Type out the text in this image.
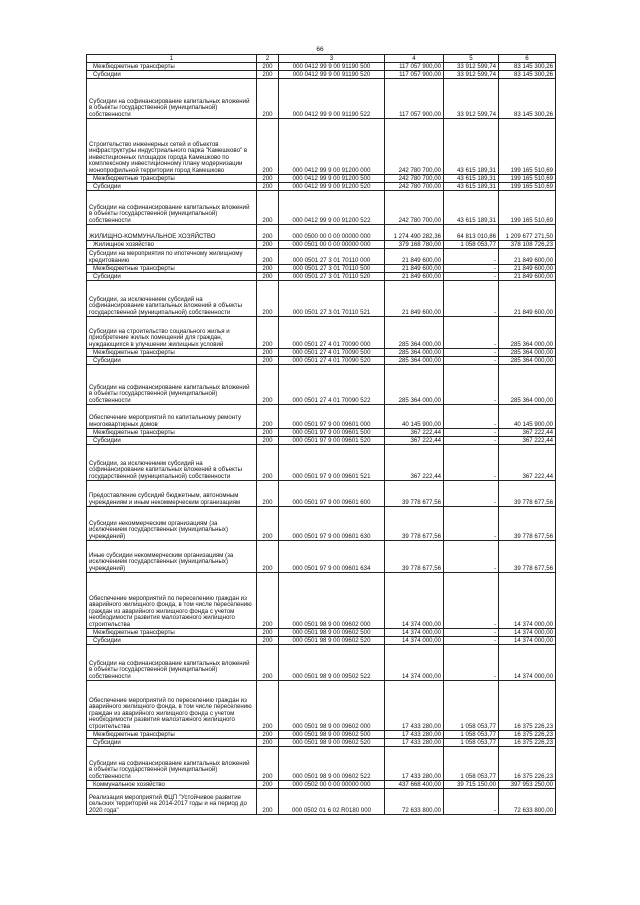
66
1	2	3	4	5	6
Межбюджетные трансферты	200	000 0412 99 9 00 91190 500	117 057 900,00	33 912 599,74	83 145 300,26
Субсидии	200	000 0412 99 9 00 91190 520	117 057 900,00	33 912 599,74	83 145 300,26
Субсидии на софинансирование капитальных вложений в объекты государственной (муниципальной) собственности	200	000 0412 99 9 00 91190 522	117 057 900,00	33 912 599,74	83 145 300,26
Строительство инженерных сетей и объектов инфраструктуры индустриального парка "Камешково" в инвестиционных площадок города Камешково по комплексному инвестиционному плану модернизации монопрофильной территории город Камешково	200	000 0412 99 9 00 91200 000	242 780 700,00	43 615 189,31	199 165 510,69
Межбюджетные трансферты	200	000 0412 99 9 00 91200 500	242 780 700,00	43 615 189,31	199 165 510,69
Субсидии	200	000 0412 99 9 00 91200 520	242 780 700,00	43 615 189,31	199 165 510,69
Субсидии на софинансирование капитальных вложений в объекты государственной (муниципальной) собственности	200	000 0412 99 9 00 91200 522	242 780 700,00	43 615 189,31	199 165 510,69
ЖИЛИЩНО-КОММУНАЛЬНОЕ ХОЗЯЙСТВО	200	000 0500 00 0 00 00000 000	1 274 490 282,36	64 813 010,86	1 209 677 271,50
Жилищное хозяйство	200	000 0501 00 0 00 00000 000	379 168 780,00	1 058 053,77	378 108 726,23
Субсидии на мероприятия по ипотечному жилищному кредитованию	200	000 0501 27 3 01 70110 000	21 849 600,00	-	21 849 600,00
Межбюджетные трансферты	200	000 0501 27 3 01 70110 500	21 849 600,00	-	21 849 600,00
Субсидии	200	000 0501 27 3 01 70110 520	21 849 600,00	-	21 849 600,00
Субсидии, за исключением субсидий на софинансирование капитальных вложений в объекты государственной (муниципальной) собственности	200	000 0501 27 3 01 70110 521	21 849 600,00	-	21 849 600,00
Субсидии на строительство социального жилья и приобретение жилых помещений для граждан, нуждающихся в улучшении жилищных условий	200	000 0501 27 4 01 70090 000	285 364 000,00	-	285 364 000,00
Межбюджетные трансферты	200	000 0501 27 4 01 70090 500	285 364 000,00	-	285 364 000,00
Субсидии	200	000 0501 27 4 01 70090 520	285 364 000,00	-	285 364 000,00
Субсидии на софинансирование капитальных вложений в объекты государственной (муниципальной) собственности	200	000 0501 27 4 01 70090 522	285 364 000,00	-	285 364 000,00
Обеспечение мероприятий по капитальному ремонту многоквартирных домов	200	000 0501 97 9 00 09601 000	40 145 900,00	-	40 145 900,00
Межбюджетные трансферты	200	000 0501 97 9 00 09601 500	367 222,44	-	367 222,44
Субсидии	200	000 0501 97 9 00 09601 520	367 222,44	-	367 222,44
Субсидии, за исключением субсидий на софинансирование капитальных вложений в объекты государственной (муниципальной) собственности	200	000 0501 97 9 00 09601 521	367 222,44	-	367 222,44
Предоставление субсидий бюджетным, автономным учреждениям и иным некоммерческим организациям	200	000 0501 97 9 00 09601 600	39 778 677,56	-	39 778 677,56
Субсидии некоммерческим организациям (за исключением государственных (муниципальных) учреждений)	200	000 0501 97 9 00 09601 630	39 778 677,56	-	39 778 677,56
Иные субсидии некоммерческим организациям (за исключением государственных (муниципальных) учреждений)	200	000 0501 97 9 00 09601 634	39 778 677,56	-	39 778 677,56
Обеспечение мероприятий по переселению граждан из аварийного жилищного фонда, в том числе переселению граждан из аварийного жилищного фонда с учетом необходимости развития малоэтажного жилищного строительства	200	000 0501 98 9 00 09602 000	14 374 000,00	-	14 374 000,00
Межбюджетные трансферты	200	000 0501 98 9 00 09602 500	14 374 000,00	-	14 374 000,00
Субсидии	200	000 0501 98 9 00 09602 520	14 374 000,00	-	14 374 000,00
Субсидии на софинансирование капитальных вложений в объекты государственной (муниципальной) собственности	200	000 0501 98 9 00 09502 522	14 374 000,00	-	14 374 000,00
Обеспечение мероприятий по переселению граждан из аварийного жилищного фонда, в том числе переселению граждан из аварийного жилищного фонда с учетом необходимости развития малоэтажного жилищного строительства	200	000 0501 98 9 00 09602 000	17 433 280,00	1 058 053,77	16 375 226,23
Межбюджетные трансферты	200	000 0501 98 9 00 09602 500	17 433 280,00	1 058 053,77	16 375 226,23
Субсидии	200	000 0501 98 9 00 09602 520	17 433 280,00	1 058 053,77	16 375 226,23
Субсидии на софинансирование капитальных вложений в объекты государственной (муниципальной) собственности	200	000 0501 98 9 00 09602 522	17 433 280,00	1 058 053,77	16 375 226,23
Коммунальное хозяйство	200	000 0502 00 0 00 00000 000	437 668 400,00	39 715 150,00	397 953 250,00
Реализация мероприятий ФЦП "Устойчивое развитие сельских территорий на 2014-2017 годы и на период до 2020 года"	200	000 0502 01 6 02 R0180 000	72 633 800,00	-	72 633 800,00
